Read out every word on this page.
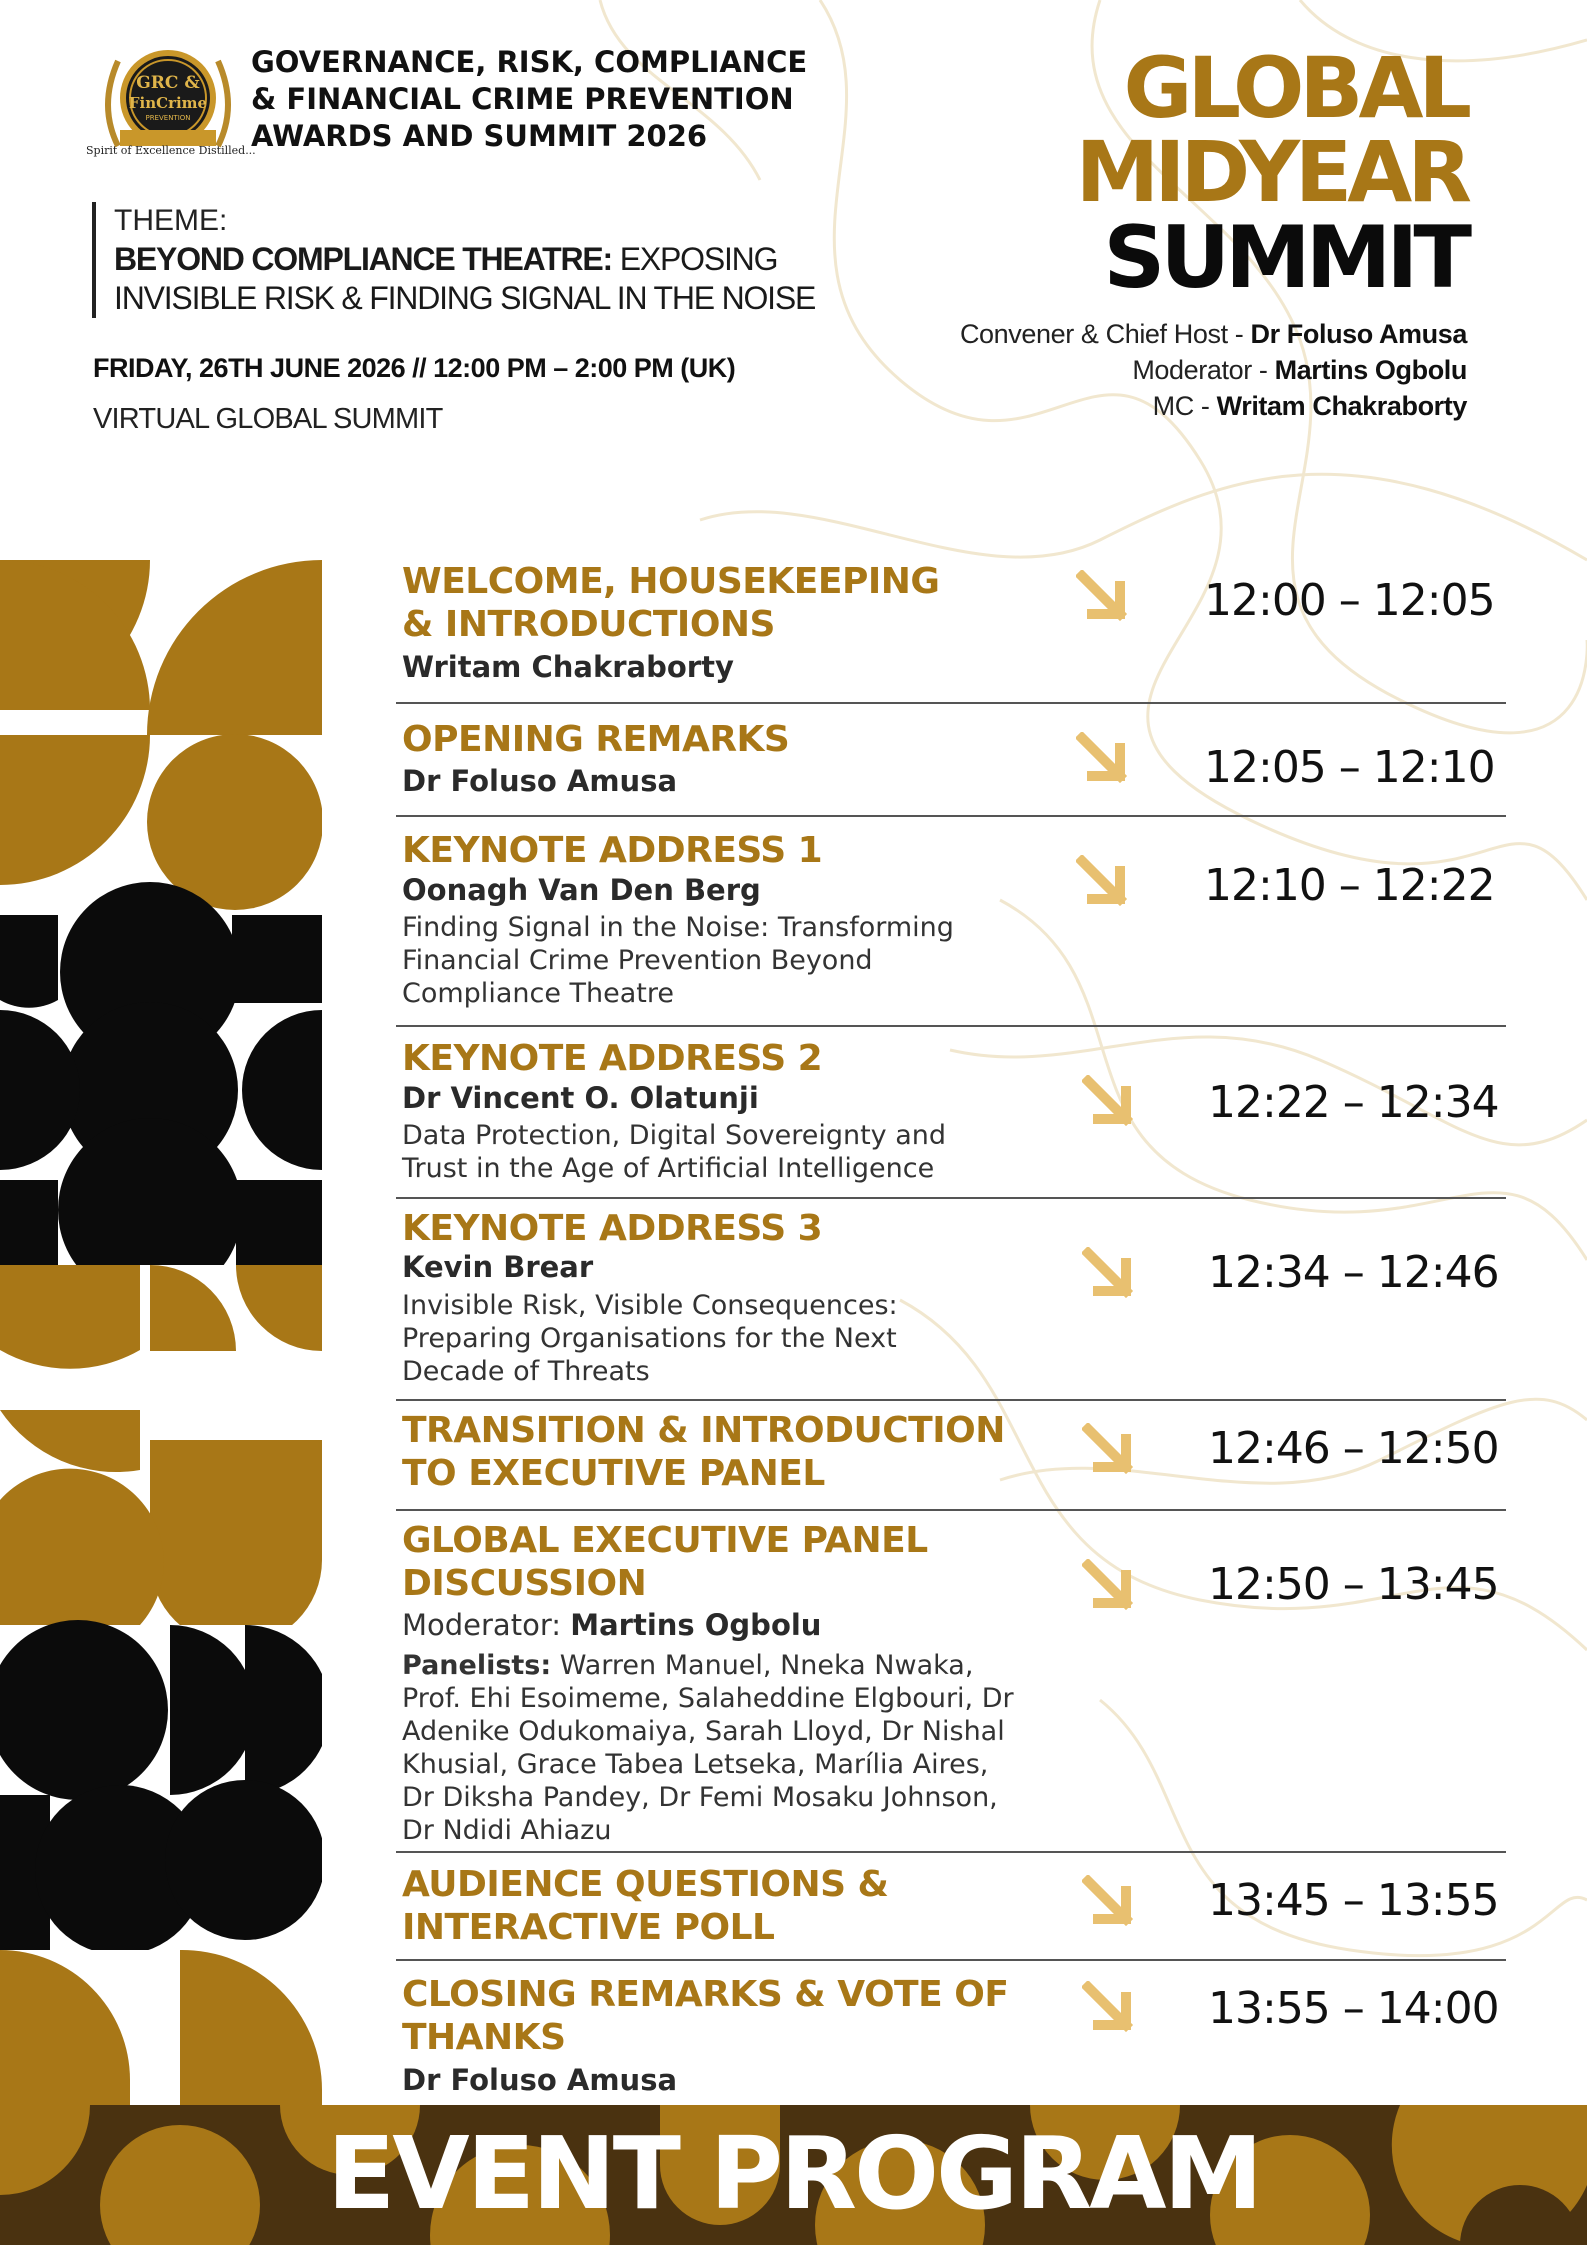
GRC &
FinCrime
PREVENTION
Spirit of Excellence Distilled...
GOVERNANCE, RISK, COMPLIANCE
& FINANCIAL CRIME PREVENTION
AWARDS AND SUMMIT 2026
THEME:
BEYOND COMPLIANCE THEATRE: EXPOSING
INVISIBLE RISK & FINDING SIGNAL IN THE NOISE
FRIDAY, 26TH JUNE 2026 // 12:00 PM – 2:00 PM (UK)
VIRTUAL GLOBAL SUMMIT
GLOBAL
MIDYEAR
SUMMIT
Convener & Chief Host - Dr Foluso Amusa
Moderator - Martins Ogbolu
MC - Writam Chakraborty
WELCOME, HOUSEKEEPING
& INTRODUCTIONS
Writam Chakraborty
12:00 – 12:05
OPENING REMARKS
Dr Foluso Amusa	12:05 – 12:10
KEYNOTE ADDRESS 1
Oonagh Van Den Berg
Finding Signal in the Noise: Transforming
Financial Crime Prevention Beyond
Compliance Theatre
12:10 – 12:22
KEYNOTE ADDRESS 2
Dr Vincent O. Olatunji
Data Protection, Digital Sovereignty and
Trust in the Age of Artificial Intelligence
12:22 – 12:34
KEYNOTE ADDRESS 3
Kevin Brear
Invisible Risk, Visible Consequences:
Preparing Organisations for the Next
Decade of Threats
12:34 – 12:46
TRANSITION & INTRODUCTION
TO EXECUTIVE PANEL	12:46 – 12:50
GLOBAL EXECUTIVE PANEL
DISCUSSION
Moderator: Martins Ogbolu
Panelists: Warren Manuel, Nneka Nwaka,
Prof. Ehi Esoimeme, Salaheddine Elgbouri, Dr
Adenike Odukomaiya, Sarah Lloyd, Dr Nishal
Khusial, Grace Tabea Letseka, Marília Aires,
Dr Diksha Pandey, Dr Femi Mosaku Johnson,
Dr Ndidi Ahiazu
12:50 – 13:45
AUDIENCE QUESTIONS &
INTERACTIVE POLL
13:45 – 13:55
CLOSING REMARKS & VOTE OF
THANKS
Dr Foluso Amusa
13:55 – 14:00
EVENT PROGRAM
